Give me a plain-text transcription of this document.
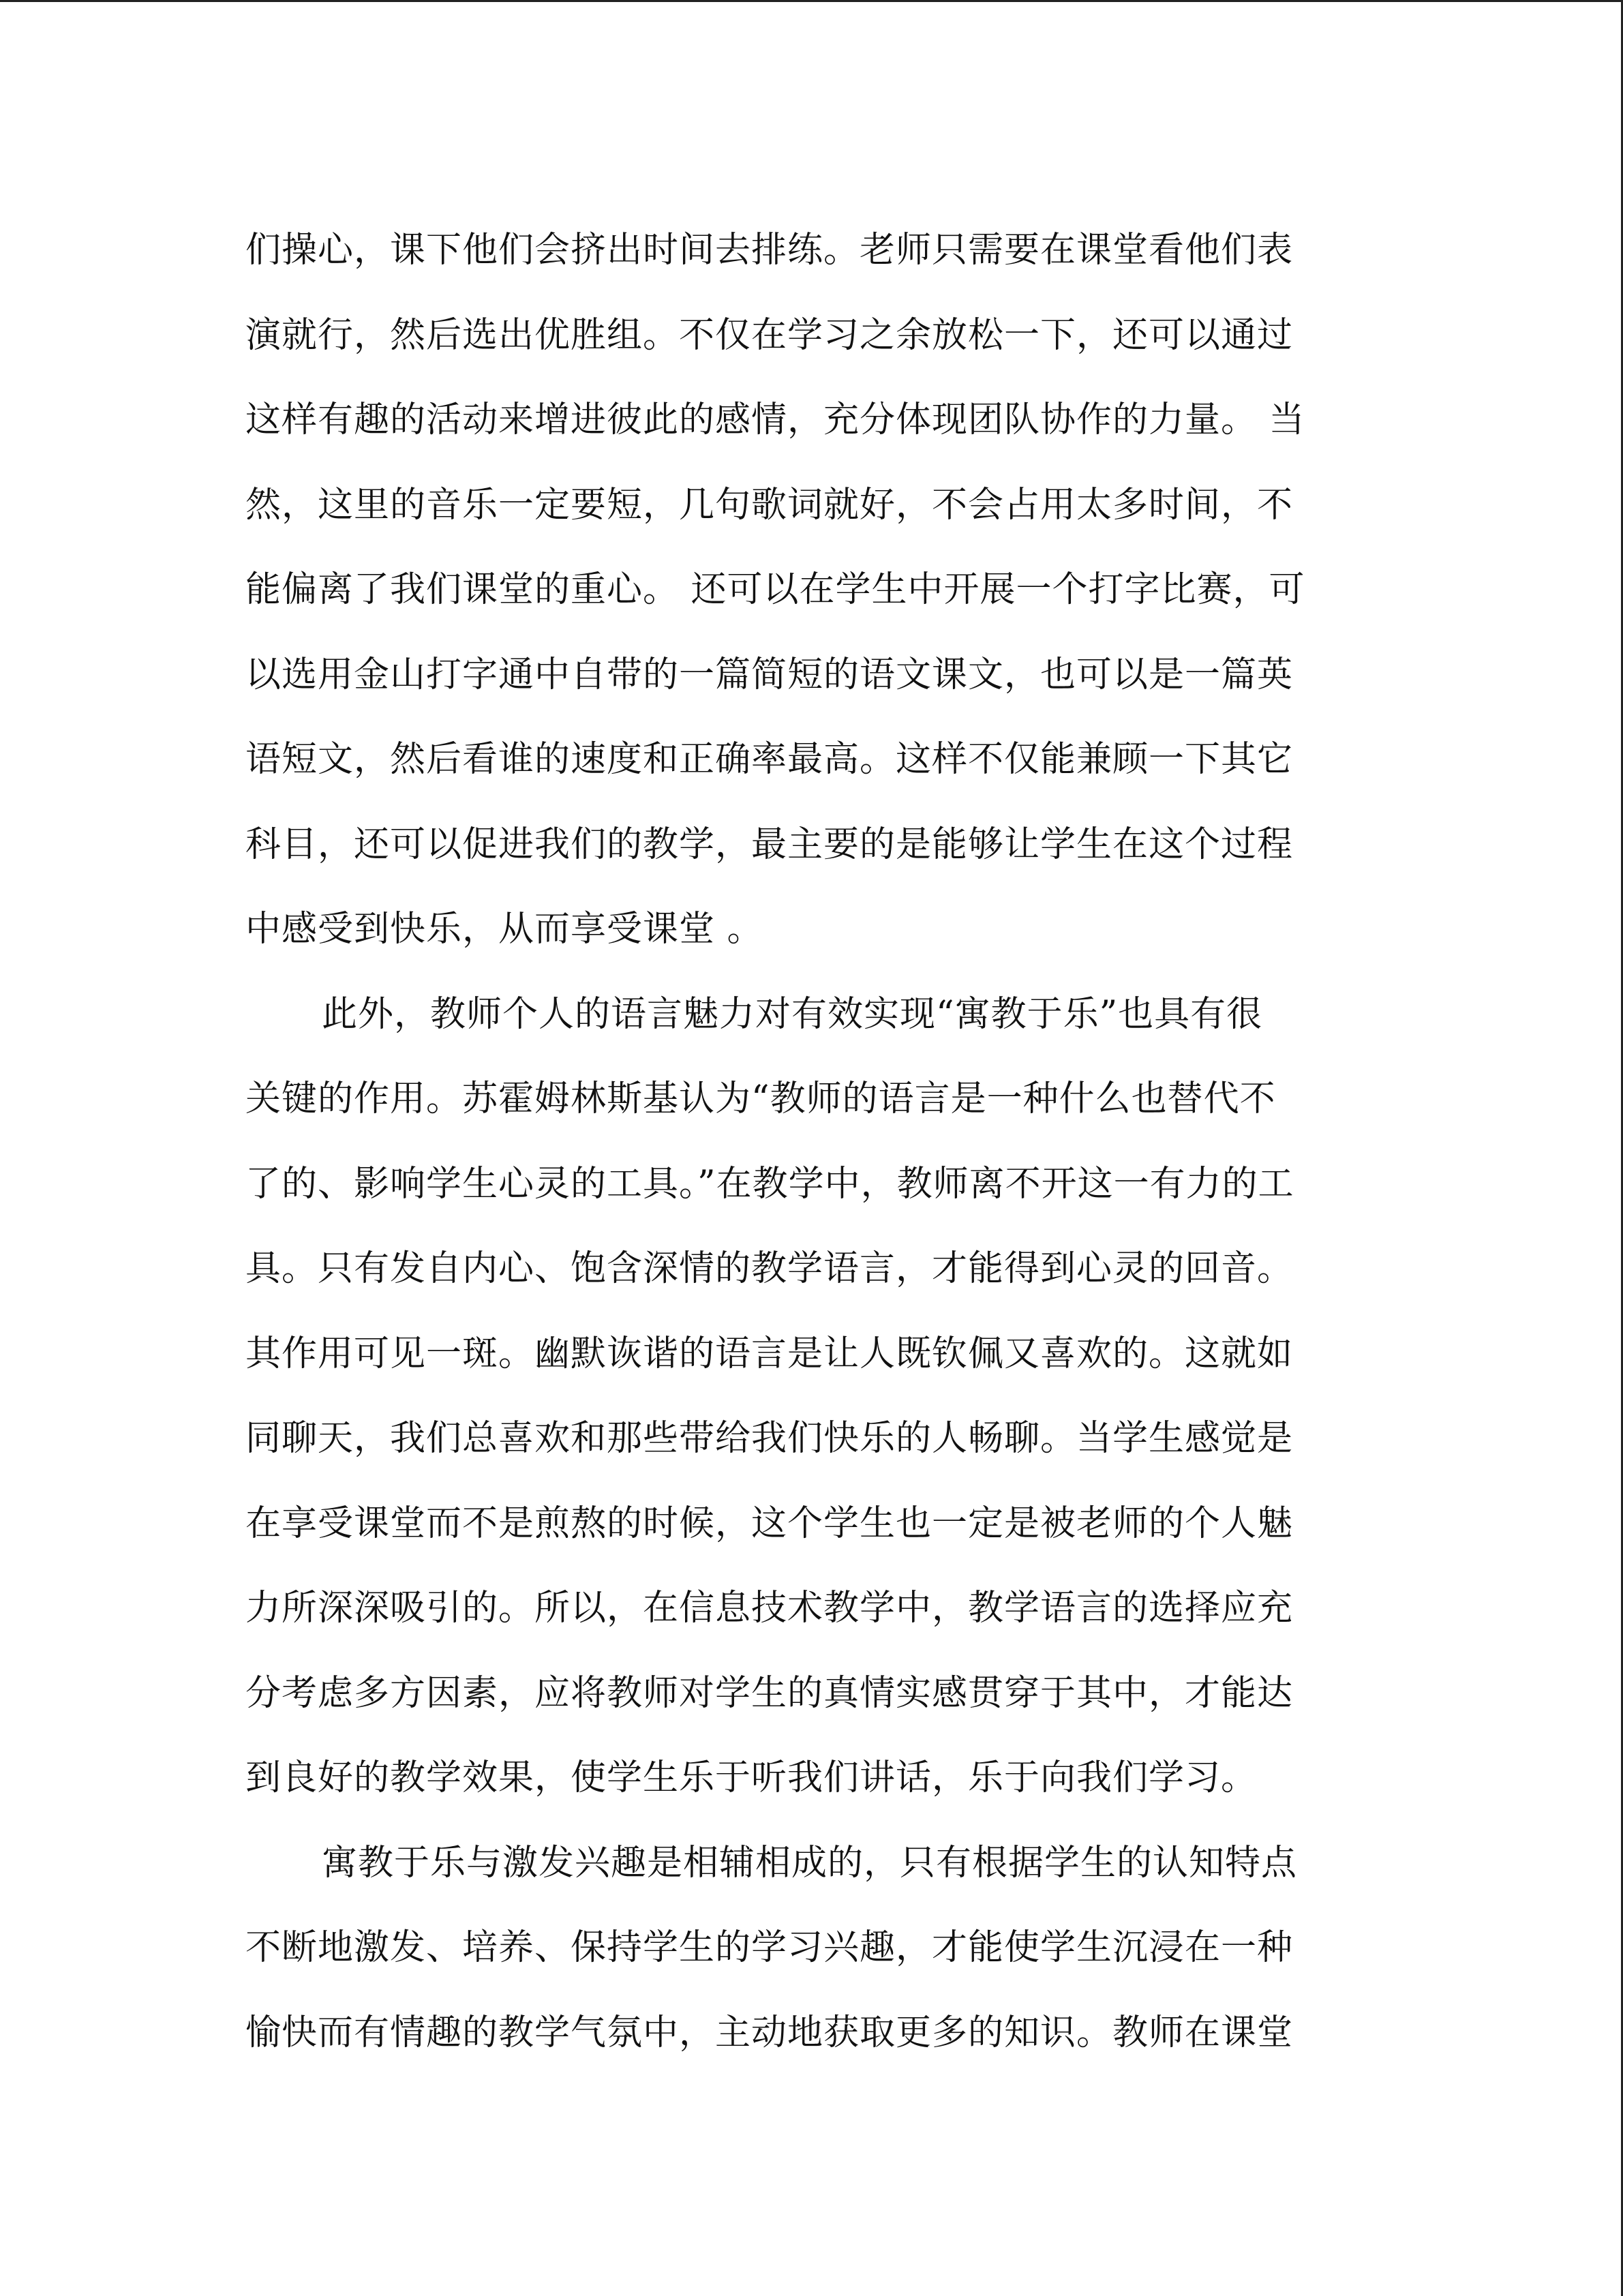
们操心，课下他们会挤出时间去排练。老师只需要在课堂看他们表
演就行，然后选出优胜组。不仅在学习之余放松一下，还可以通过
这样有趣的活动来增进彼此的感情，充分体现团队协作的力量。 当
然，这里的音乐一定要短，几句歌词就好，不会占用太多时间，不
能偏离了我们课堂的重心。 还可以在学生中开展一个打字比赛，可
以选用金山打字通中自带的一篇简短的语文课文，也可以是一篇英
语短文，然后看谁的速度和正确率最高。这样不仅能兼顾一下其它
科目，还可以促进我们的教学，最主要的是能够让学生在这个过程
中感受到快乐，从而享受课堂 。
此外，教师个人的语言魅力对有效实现“寓教于乐”也具有很
关键的作用。苏霍姆林斯基认为“教师的语言是一种什么也替代不
了的、影响学生心灵的工具。”在教学中，教师离不开这一有力的工
具。只有发自内心、饱含深情的教学语言，才能得到心灵的回音。
其作用可见一斑。幽默诙谐的语言是让人既钦佩又喜欢的。这就如
同聊天，我们总喜欢和那些带给我们快乐的人畅聊。当学生感觉是
在享受课堂而不是煎熬的时候，这个学生也一定是被老师的个人魅
力所深深吸引的。所以，在信息技术教学中，教学语言的选择应充
分考虑多方因素，应将教师对学生的真情实感贯穿于其中，才能达
到良好的教学效果，使学生乐于听我们讲话，乐于向我们学习。
寓教于乐与激发兴趣是相辅相成的，只有根据学生的认知特点
不断地激发、培养、保持学生的学习兴趣，才能使学生沉浸在一种
愉快而有情趣的教学气氛中，主动地获取更多的知识。教师在课堂
